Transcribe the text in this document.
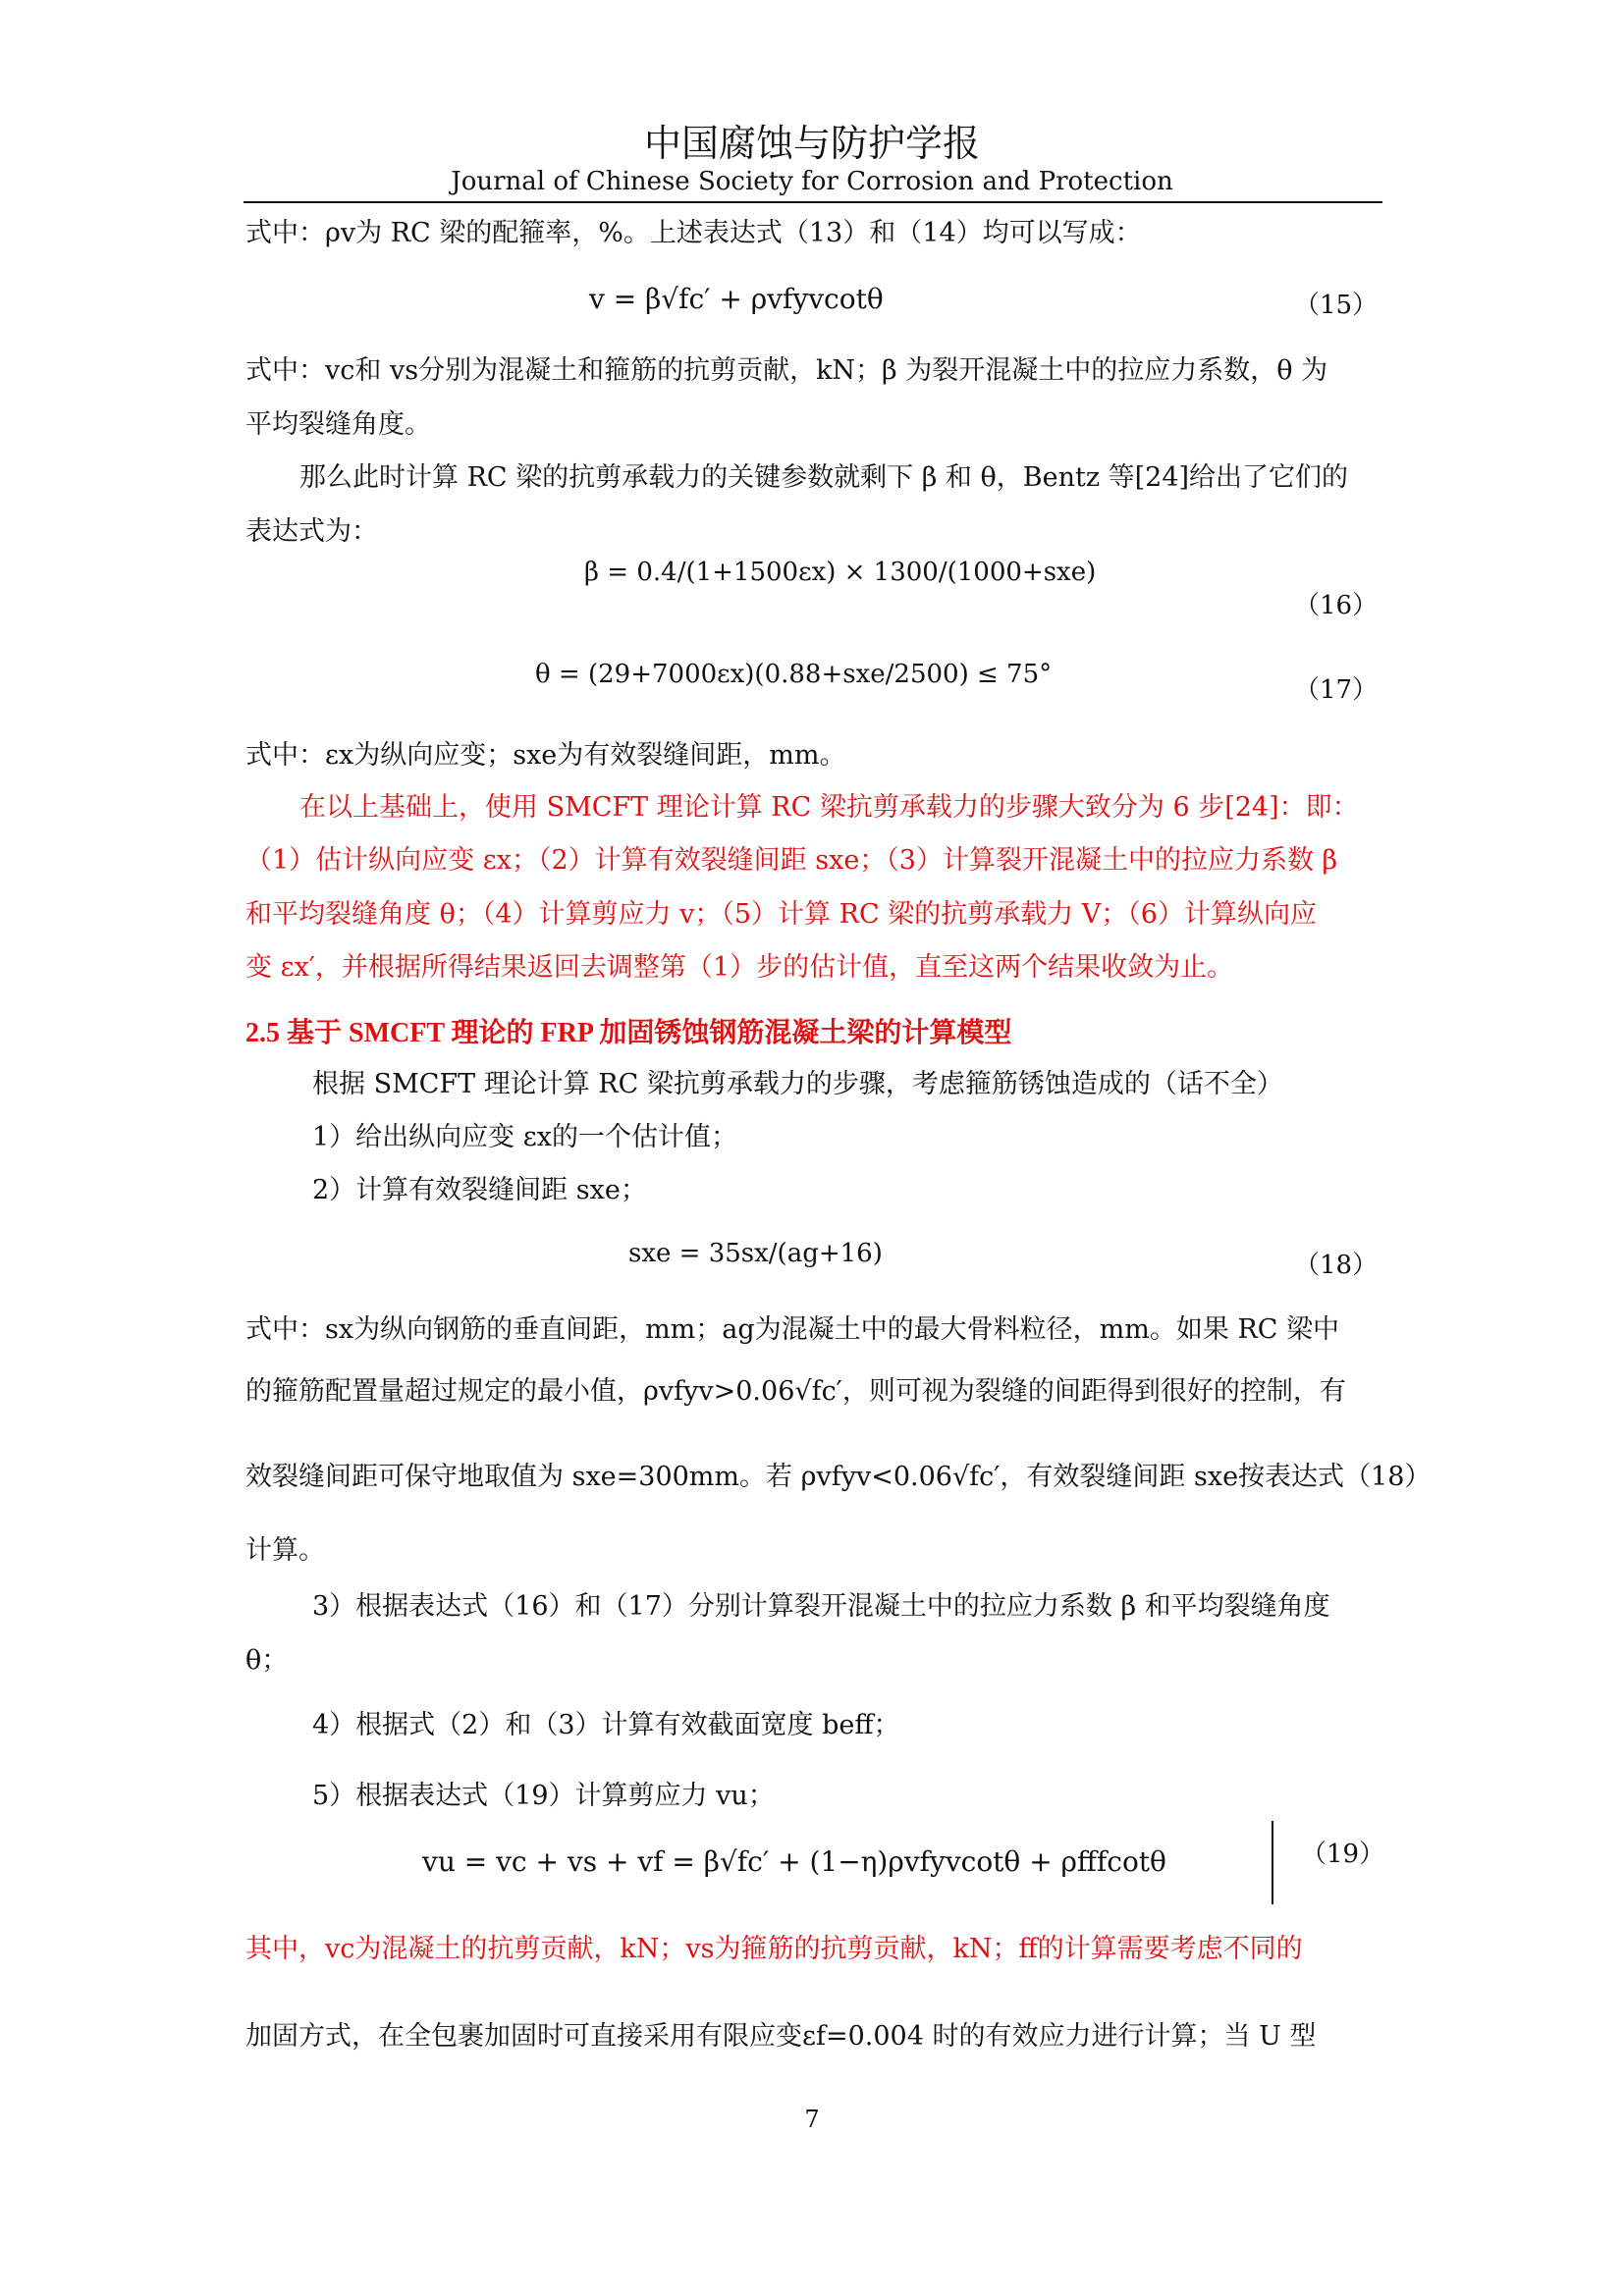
中国腐蚀与防护学报
Journal of Chinese Society for Corrosion and Protection
式中：ρv为 RC 梁的配箍率，%。上述表达式（13）和（14）均可以写成：
v = β√fc′ + ρvfyvcotθ	（15）
式中：vc和 vs分别为混凝土和箍筋的抗剪贡献，kN；β 为裂开混凝土中的拉应力系数，θ 为
平均裂缝角度。
那么此时计算 RC 梁的抗剪承载力的关键参数就剩下 β 和 θ，Bentz 等[24]给出了它们的
表达式为：
β = 0.4/(1+1500εx) × 1300/(1000+sxe)
（16）
θ = (29+7000εx)(0.88+sxe/2500) ≤ 75°
（17）
式中：εx为纵向应变；sxe为有效裂缝间距，mm。
在以上基础上，使用 SMCFT 理论计算 RC 梁抗剪承载力的步骤大致分为 6 步[24]：即：
（1）估计纵向应变 εx；（2）计算有效裂缝间距 sxe；（3）计算裂开混凝土中的拉应力系数 β
和平均裂缝角度 θ；（4）计算剪应力 v；（5）计算 RC 梁的抗剪承载力 V；（6）计算纵向应
变 εx′，并根据所得结果返回去调整第（1）步的估计值，直至这两个结果收敛为止。
2.5 基于 SMCFT 理论的 FRP 加固锈蚀钢筋混凝土梁的计算模型
根据 SMCFT 理论计算 RC 梁抗剪承载力的步骤，考虑箍筋锈蚀造成的（话不全）
1）给出纵向应变 εx的一个估计值；
2）计算有效裂缝间距 sxe；
sxe = 35sx/(ag+16)	（18）
式中：sx为纵向钢筋的垂直间距，mm；ag为混凝土中的最大骨料粒径，mm。如果 RC 梁中
的箍筋配置量超过规定的最小值，ρvfyv>0.06√fc′，则可视为裂缝的间距得到很好的控制，有
效裂缝间距可保守地取值为 sxe=300mm。若 ρvfyv<0.06√fc′，有效裂缝间距 sxe按表达式（18）
计算。
3）根据表达式（16）和（17）分别计算裂开混凝土中的拉应力系数 β 和平均裂缝角度
θ；
4）根据式（2）和（3）计算有效截面宽度 beff；
5）根据表达式（19）计算剪应力 vu；
vu = vc + vs + vf = β√fc′ + (1−η)ρvfyvcotθ + ρfffcotθ	（19）
其中，vc为混凝土的抗剪贡献，kN；vs为箍筋的抗剪贡献，kN；ff的计算需要考虑不同的
加固方式，在全包裹加固时可直接采用有限应变εf=0.004 时的有效应力进行计算；当 U 型
7
